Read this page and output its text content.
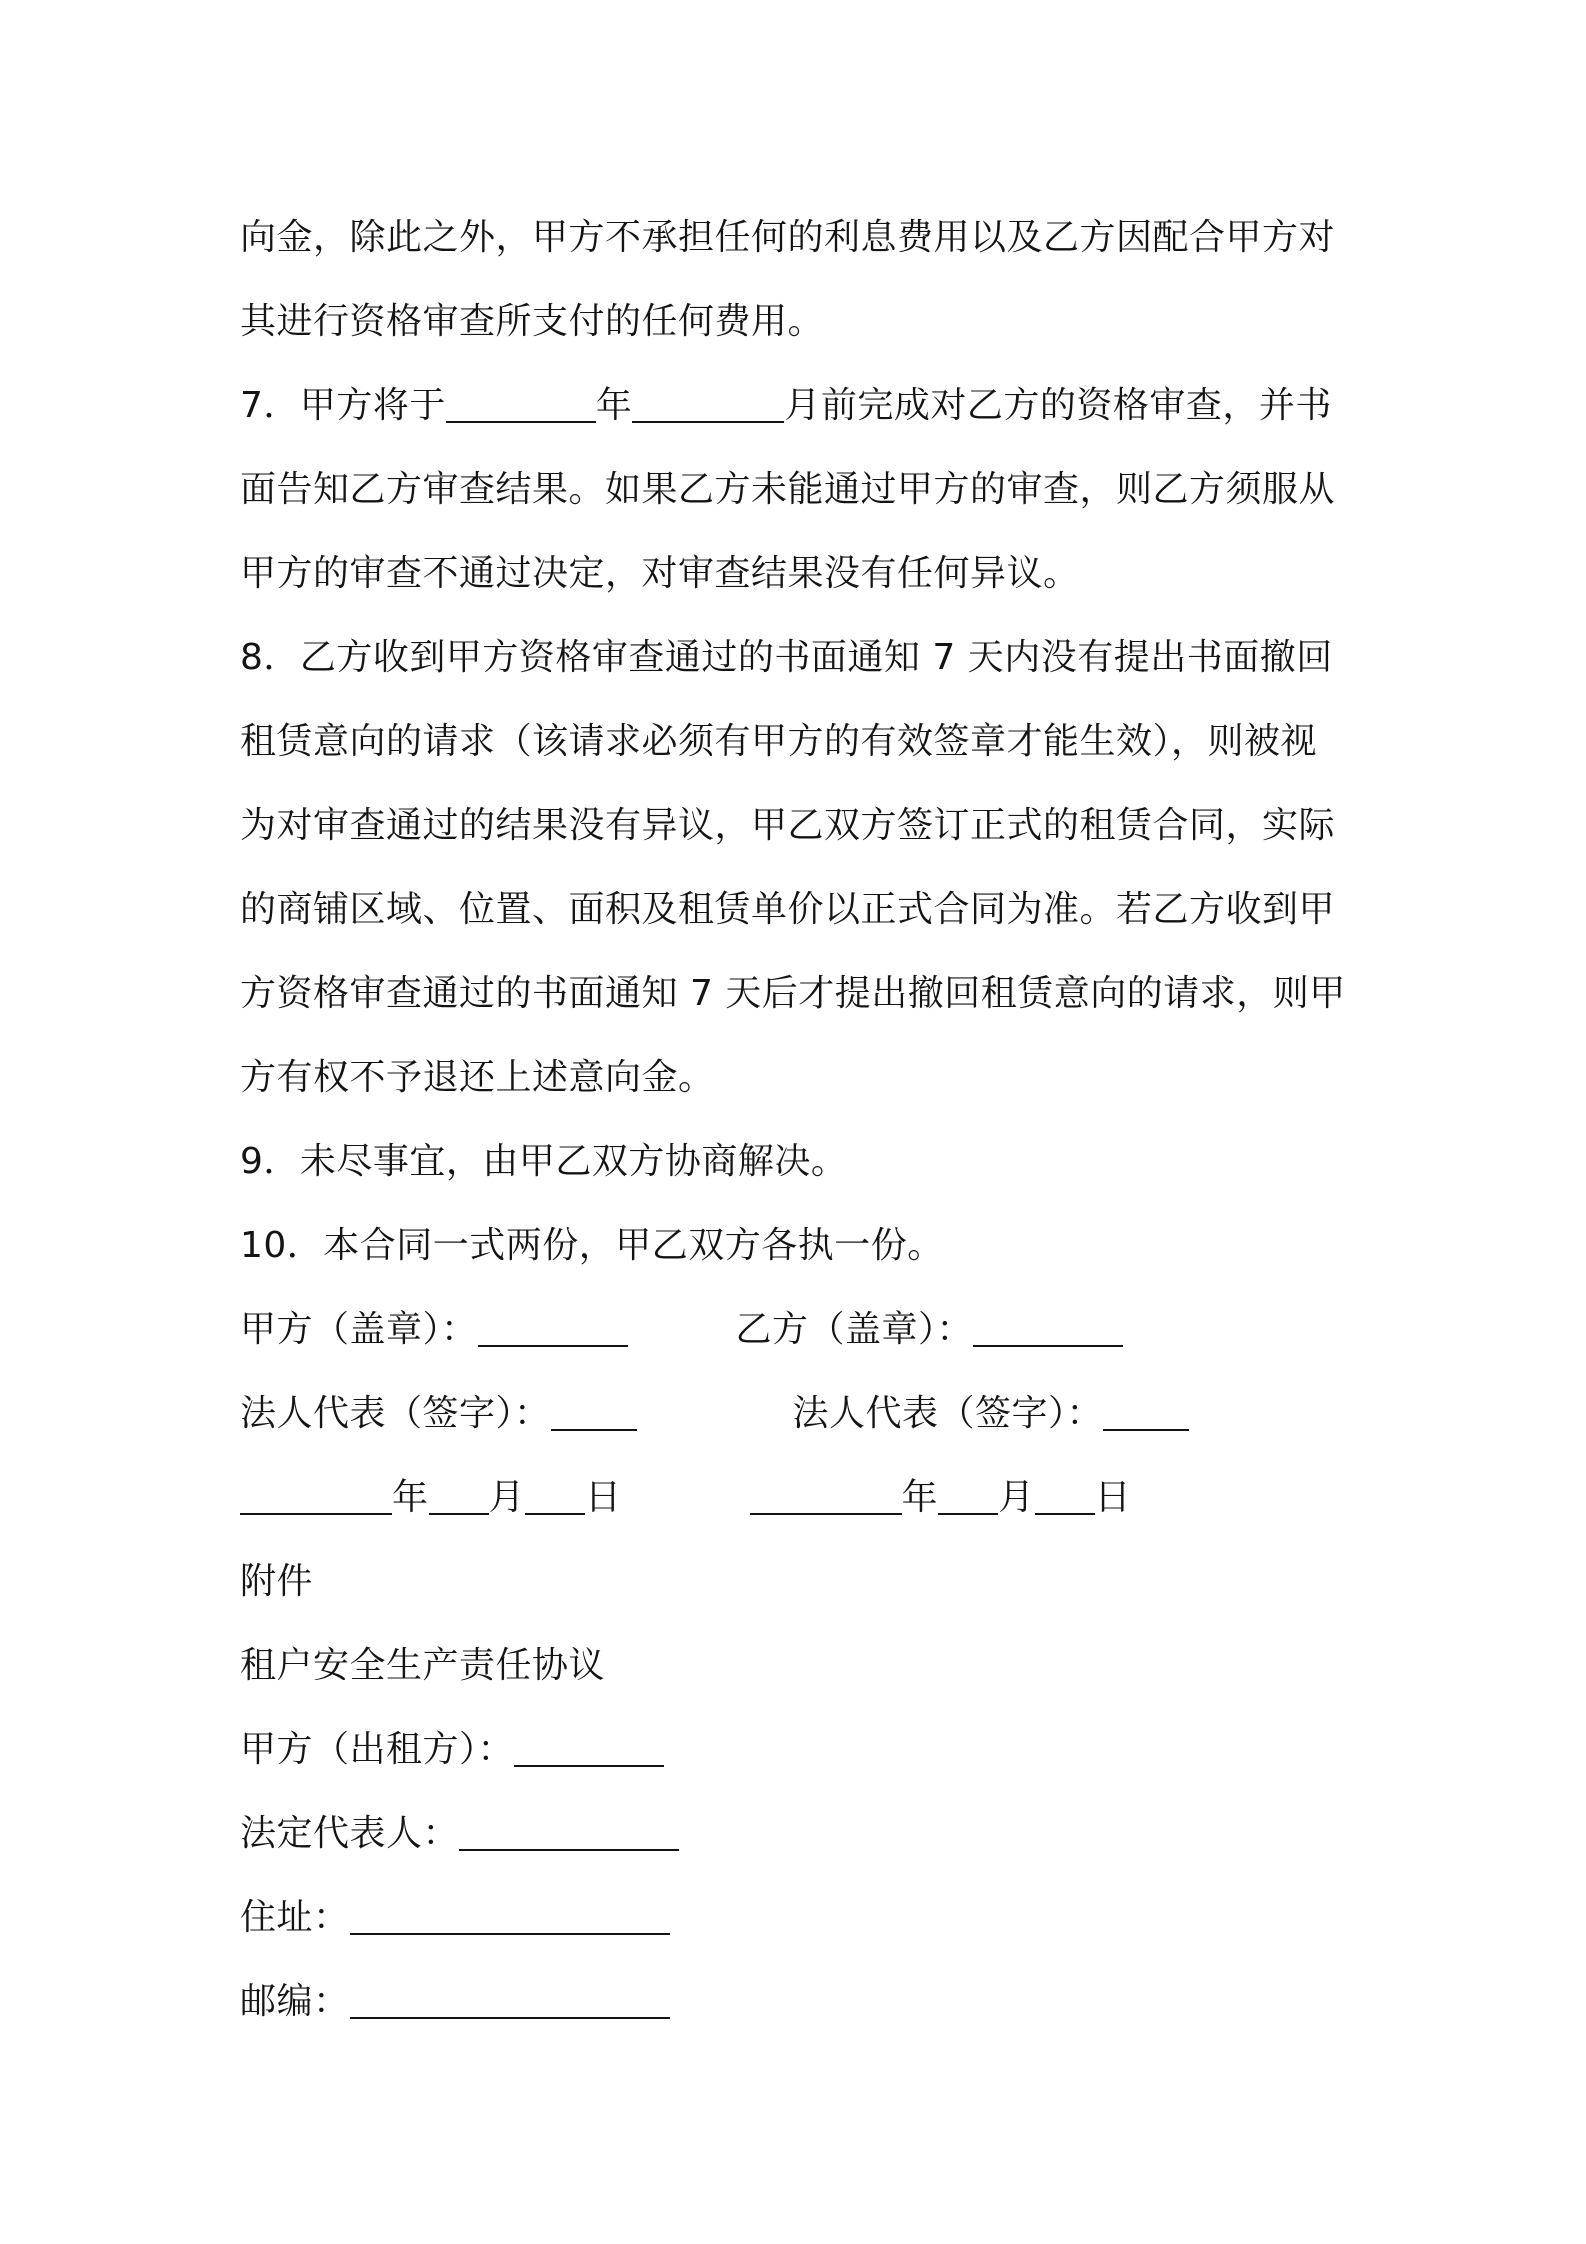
向金，除此之外，甲方不承担任何的利息费用以及乙方因配合甲方对
其进行资格审查所支付的任何费用。
7．甲方将于	年	月前完成对乙方的资格审查，并书
面告知乙方审查结果。如果乙方未能通过甲方的审查，则乙方须服从
甲方的审查不通过决定，对审查结果没有任何异议。
8．乙方收到甲方资格审查通过的书面通知 7 天内没有提出书面撤回
租赁意向的请求（该请求必须有甲方的有效签章才能生效），则被视
为对审查通过的结果没有异议，甲乙双方签订正式的租赁合同，实际
的商铺区域、位置、面积及租赁单价以正式合同为准。若乙方收到甲
方资格审查通过的书面通知 7 天后才提出撤回租赁意向的请求，则甲
方有权不予退还上述意向金。
9．未尽事宜，由甲乙双方协商解决。
10．本合同一式两份，甲乙双方各执一份。
甲方（盖章）：	乙方（盖章）：
法人代表（签字）：	法人代表（签字）：
年 月 日	年 月 日
附件
租户安全生产责任协议
甲方（出租方）：
法定代表人：
住址：
邮编：
